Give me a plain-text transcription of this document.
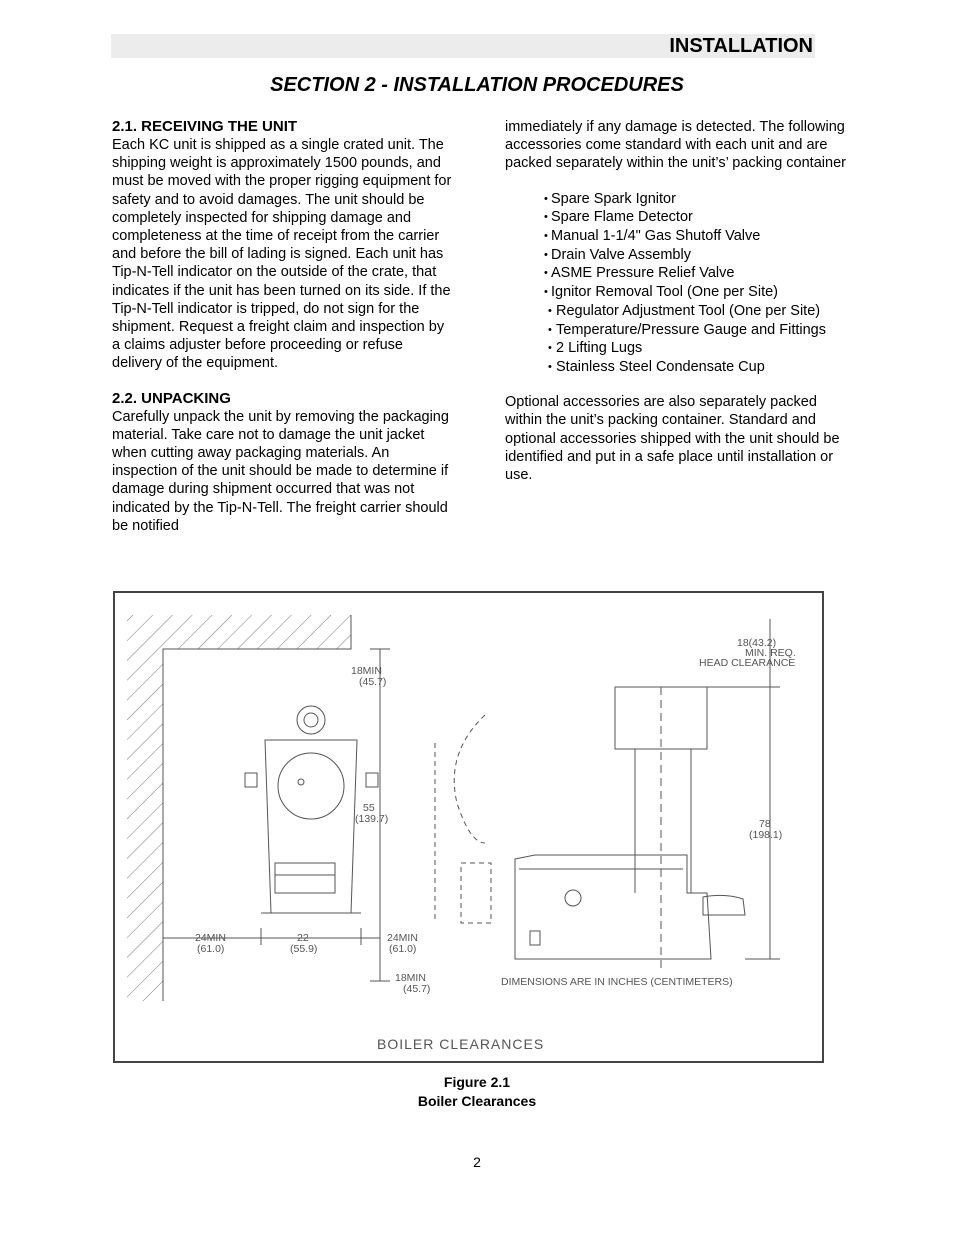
INSTALLATION
SECTION 2 - INSTALLATION PROCEDURES
2.1. RECEIVING THE UNIT

Each KC unit is shipped as a single crated unit. The shipping weight is approximately 1500 pounds, and must be moved with the proper rigging equipment for safety and to avoid damages. The unit should be completely inspected for shipping damage and completeness at the time of receipt from the carrier and before the bill of lading is signed. Each unit has Tip-N-Tell indicator on the outside of the crate, that indicates if the unit has been turned on its side. If the Tip-N-Tell indicator is tripped, do not sign for the shipment. Request a freight claim and inspection by a claims adjuster before proceeding or refuse delivery of the equipment.

2.2. UNPACKING

Carefully unpack the unit by removing the packaging material. Take care not to damage the unit jacket when cutting away packaging materials. An inspection of the unit should be made to determine if damage during shipment occurred that was not indicated by the Tip-N-Tell. The freight carrier should be notified

immediately if any damage is detected. The following accessories come standard with each unit and are packed separately within the unit’s’ packing container

• Spare Spark Ignitor
• Spare Flame Detector
• Manual 1-1/4" Gas Shutoff Valve
• Drain Valve Assembly
• ASME Pressure Relief Valve
• Ignitor Removal Tool (One per Site)
• Regulator Adjustment Tool (One per Site)
• Temperature/Pressure Gauge and Fittings
• 2 Lifting Lugs
• Stainless Steel Condensate Cup

Optional accessories are also separately packed within the unit’s packing container. Standard and optional accessories shipped with the unit should be identified and put in a safe place until installation or use.

18MIN
(45.7)
55
(139.7)
24MIN
(61.0)
22
(55.9)
24MIN
(61.0)
18MIN
(45.7)
18(43.2)
MIN. REQ.
HEAD CLEARANCE
78
(198.1)
DIMENSIONS ARE IN INCHES (CENTIMETERS)
BOILER CLEARANCES
Figure 2.1
Boiler Clearances
2
